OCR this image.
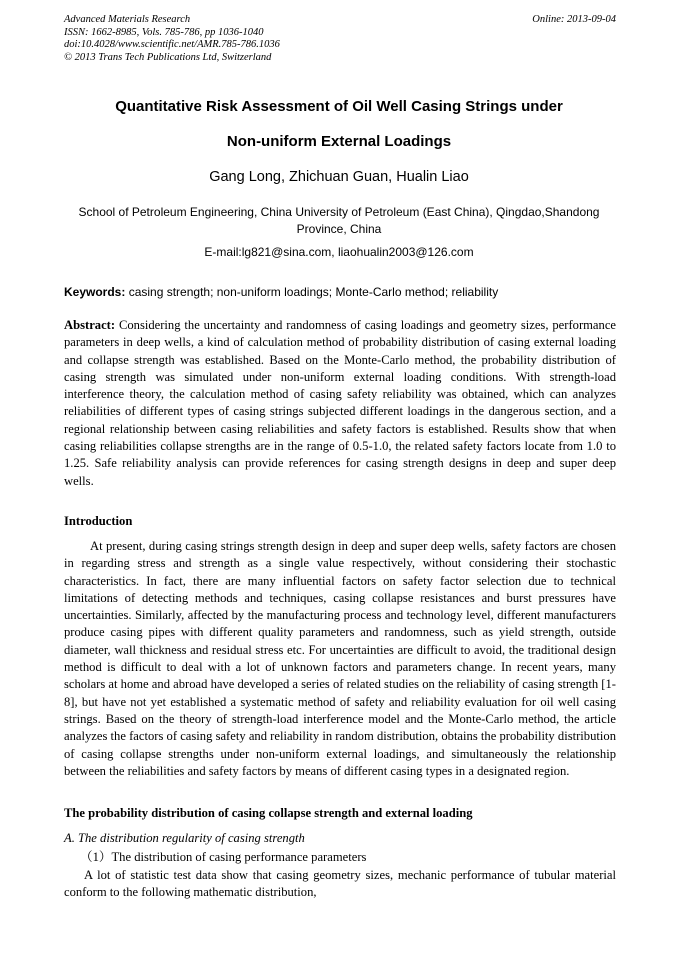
Advanced Materials Research
ISSN: 1662-8985, Vols. 785-786, pp 1036-1040
doi:10.4028/www.scientific.net/AMR.785-786.1036
© 2013 Trans Tech Publications Ltd, Switzerland
Online: 2013-09-04
Quantitative Risk Assessment of Oil Well Casing Strings under
Non-uniform External Loadings
Gang Long, Zhichuan Guan, Hualin Liao
School of Petroleum Engineering, China University of Petroleum (East China), Qingdao,Shandong Province, China
E-mail:lg821@sina.com, liaohualin2003@126.com
Keywords: casing strength; non-uniform loadings; Monte-Carlo method; reliability
Abstract: Considering the uncertainty and randomness of casing loadings and geometry sizes, performance parameters in deep wells, a kind of calculation method of probability distribution of casing external loading and collapse strength was established. Based on the Monte-Carlo method, the probability distribution of casing strength was simulated under non-uniform external loading conditions. With strength-load interference theory, the calculation method of casing safety reliability was obtained, which can analyzes reliabilities of different types of casing strings subjected different loadings in the dangerous section, and a regional relationship between casing reliabilities and safety factors is established. Results show that when casing reliabilities collapse strengths are in the range of 0.5-1.0, the related safety factors locate from 1.0 to 1.25. Safe reliability analysis can provide references for casing strength designs in deep and super deep wells.
Introduction
At present, during casing strings strength design in deep and super deep wells, safety factors are chosen in regarding stress and strength as a single value respectively, without considering their stochastic characteristics. In fact, there are many influential factors on safety factor selection due to technical limitations of detecting methods and techniques, casing collapse resistances and burst pressures have uncertainties. Similarly, affected by the manufacturing process and technology level, different manufacturers produce casing pipes with different quality parameters and randomness, such as yield strength, outside diameter, wall thickness and residual stress etc. For uncertainties are difficult to avoid, the traditional design method is difficult to deal with a lot of unknown factors and parameters change. In recent years, many scholars at home and abroad have developed a series of related studies on the reliability of casing strength [1-8], but have not yet established a systematic method of safety and reliability evaluation for oil well casing strings. Based on the theory of strength-load interference model and the Monte-Carlo method, the article analyzes the factors of casing safety and reliability in random distribution, obtains the probability distribution of casing collapse strengths under non-uniform external loadings, and simultaneously the relationship between the reliabilities and safety factors by means of different casing types in a designated region.
The probability distribution of casing collapse strength and external loading
A. The distribution regularity of casing strength
（1）The distribution of casing performance parameters
A lot of statistic test data show that casing geometry sizes, mechanic performance of tubular material conform to the following mathematic distribution,
